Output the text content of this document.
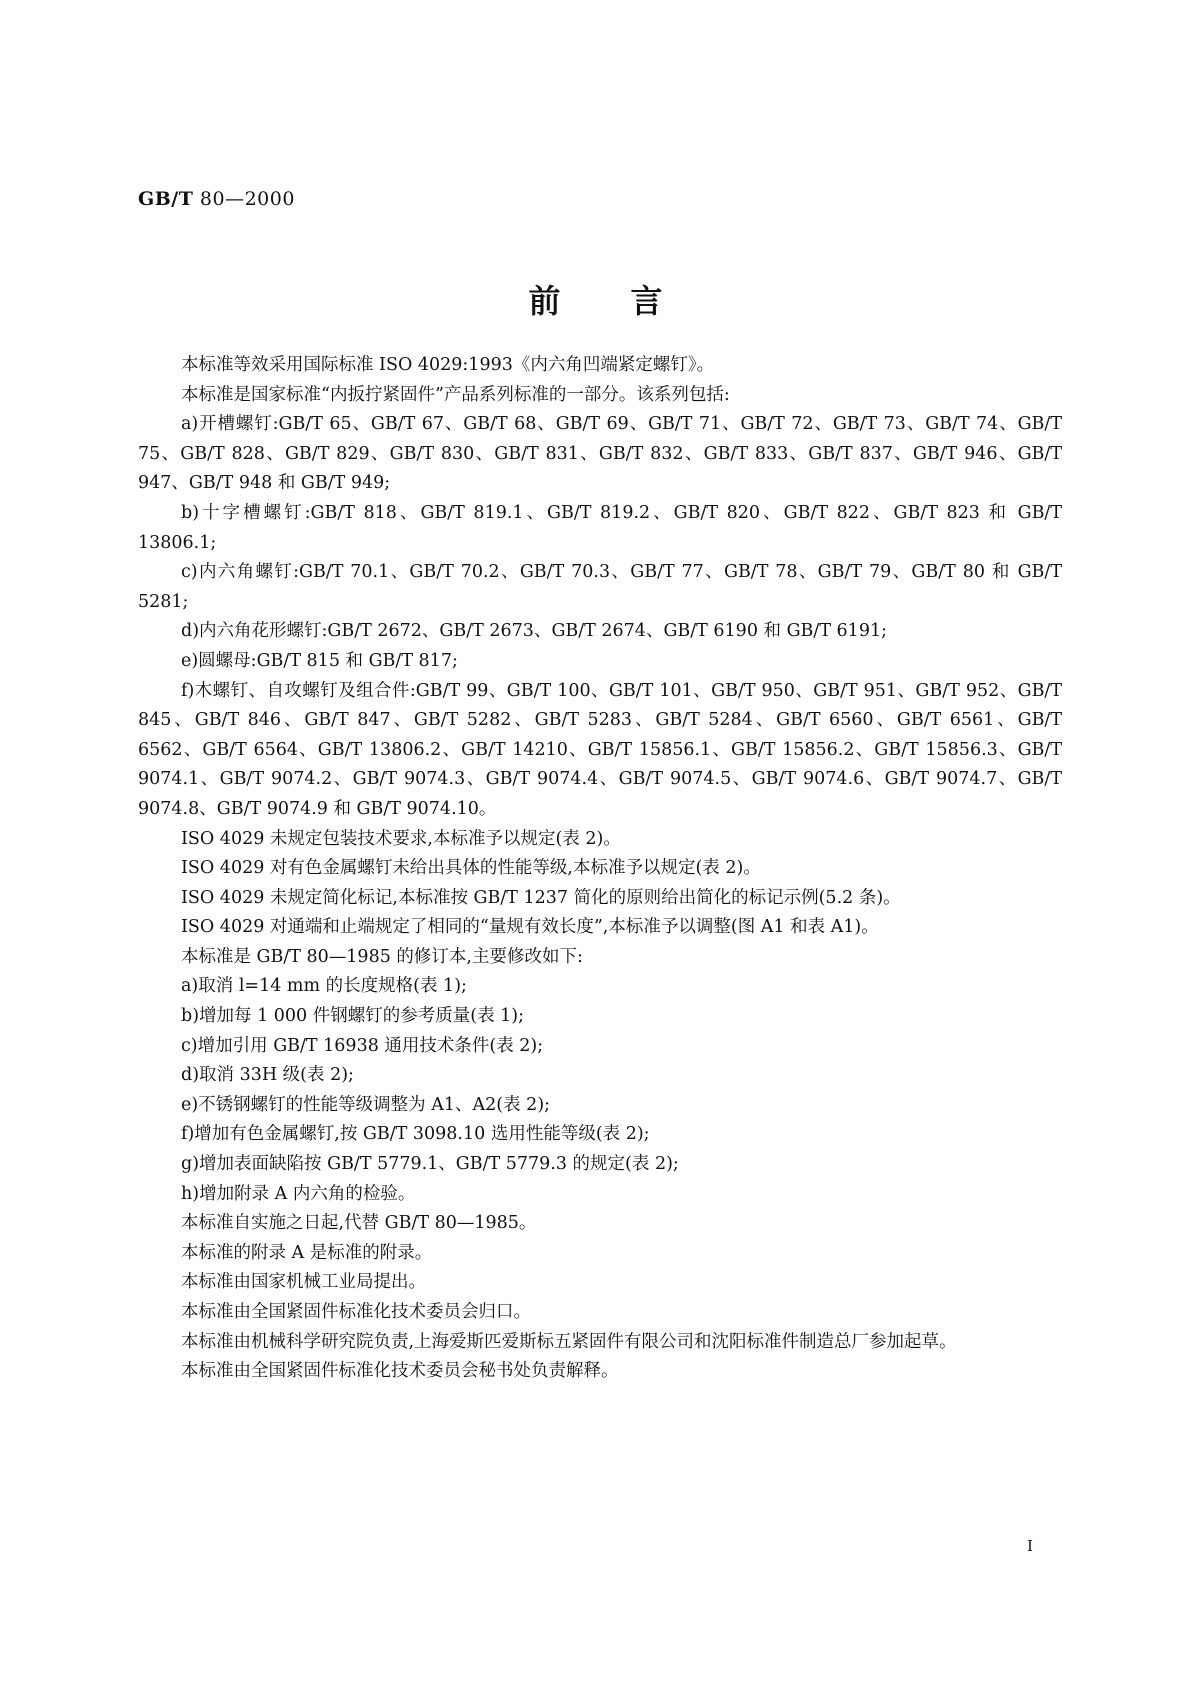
GB/T 80—2000
前言

本标准等效采用国际标准 ISO 4029:1993《内六角凹端紧定螺钉》。

本标准是国家标准“内扳拧紧固件”产品系列标准的一部分。该系列包括:

a)开槽螺钉:GB/T 65、GB/T 67、GB/T 68、GB/T 69、GB/T 71、GB/T 72、GB/T 73、GB/T 74、GB/T 75、GB/T 828、GB/T 829、GB/T 830、GB/T 831、GB/T 832、GB/T 833、GB/T 837、GB/T 946、GB/T 947、GB/T 948 和 GB/T 949;

b)十字槽螺钉:GB/T 818、GB/T 819.1、GB/T 819.2、GB/T 820、GB/T 822、GB/T 823 和 GB/T 13806.1;

c)内六角螺钉:GB/T 70.1、GB/T 70.2、GB/T 70.3、GB/T 77、GB/T 78、GB/T 79、GB/T 80 和 GB/T 5281;

d)内六角花形螺钉:GB/T 2672、GB/T 2673、GB/T 2674、GB/T 6190 和 GB/T 6191;

e)圆螺母:GB/T 815 和 GB/T 817;

f)木螺钉、自攻螺钉及组合件:GB/T 99、GB/T 100、GB/T 101、GB/T 950、GB/T 951、GB/T 952、GB/T 845、GB/T 846、GB/T 847、GB/T 5282、GB/T 5283、GB/T 5284、GB/T 6560、GB/T 6561、GB/T 6562、GB/T 6564、GB/T 13806.2、GB/T 14210、GB/T 15856.1、GB/T 15856.2、GB/T 15856.3、GB/T 9074.1、GB/T 9074.2、GB/T 9074.3、GB/T 9074.4、GB/T 9074.5、GB/T 9074.6、GB/T 9074.7、GB/T 9074.8、GB/T 9074.9 和 GB/T 9074.10。

ISO 4029 未规定包装技术要求,本标准予以规定(表 2)。

ISO 4029 对有色金属螺钉未给出具体的性能等级,本标准予以规定(表 2)。

ISO 4029 未规定简化标记,本标准按 GB/T 1237 简化的原则给出简化的标记示例(5.2 条)。

ISO 4029 对通端和止端规定了相同的“量规有效长度”,本标准予以调整(图 A1 和表 A1)。

本标准是 GB/T 80—1985 的修订本,主要修改如下:

a)取消 l=14 mm 的长度规格(表 1);

b)增加每 1 000 件钢螺钉的参考质量(表 1);

c)增加引用 GB/T 16938 通用技术条件(表 2);

d)取消 33H 级(表 2);

e)不锈钢螺钉的性能等级调整为 A1、A2(表 2);

f)增加有色金属螺钉,按 GB/T 3098.10 选用性能等级(表 2);

g)增加表面缺陷按 GB/T 5779.1、GB/T 5779.3 的规定(表 2);

h)增加附录 A 内六角的检验。

本标准自实施之日起,代替 GB/T 80—1985。

本标准的附录 A 是标准的附录。

本标准由国家机械工业局提出。

本标准由全国紧固件标准化技术委员会归口。

本标准由机械科学研究院负责,上海爱斯匹爱斯标五紧固件有限公司和沈阳标准件制造总厂参加起草。

本标准由全国紧固件标准化技术委员会秘书处负责解释。

I
